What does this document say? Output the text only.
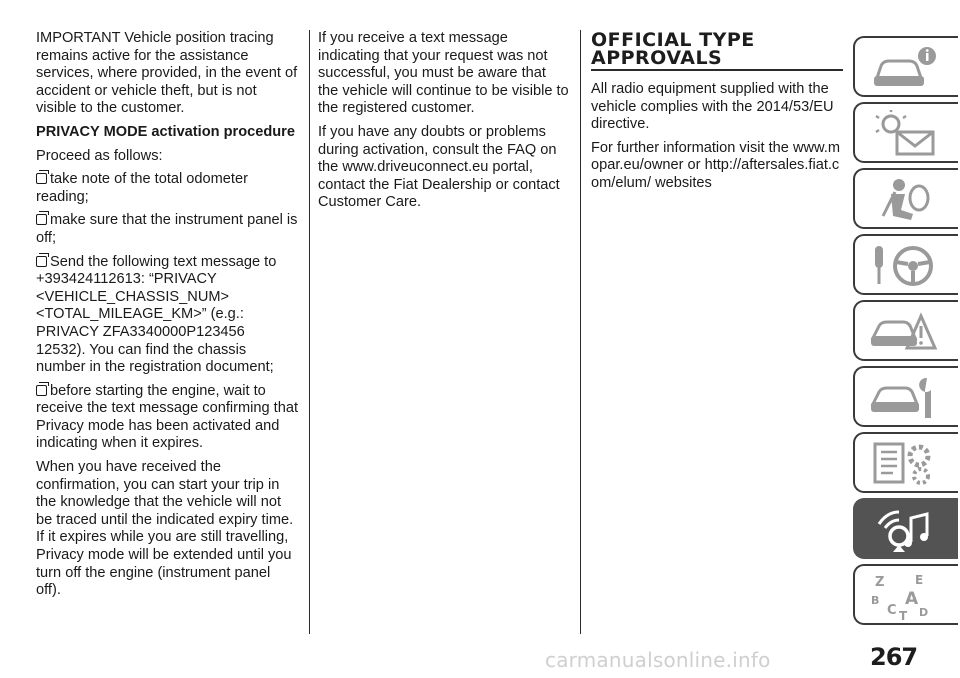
IMPORTANT Vehicle position tracing remains active for the assistance services, where provided, in the event of accident or vehicle theft, but is not visible to the customer.

PRIVACY MODE activation procedure

Proceed as follows:

take note of the total odometer reading;

make sure that the instrument panel is off;

Send the following text message to +393424112613: “PRIVACY <VEHICLE_CHASSIS_NUM> <TOTAL_MILEAGE_KM>” (e.g.: PRIVACY ZFA3340000P123456 12532). You can find the chassis number in the registration document;

before starting the engine, wait to receive the text message confirming that Privacy mode has been activated and indicating when it expires.

When you have received the confirmation, you can start your trip in the knowledge that the vehicle will not be traced until the indicated expiry time. If it expires while you are still travelling, Privacy mode will be extended until you turn off the engine (instrument panel off).

If you receive a text message indicating that your request was not successful, you must be aware that the vehicle will continue to be visible to the registered customer.

If you have any doubts or problems during activation, consult the FAQ on the www.driveuconnect.eu portal, contact the Fiat Dealership or contact Customer Care.

OFFICIAL TYPE
APPROVALS

All radio equipment supplied with the vehicle complies with the 2014/53/EU directive.

For further information visit the www.mopar.eu/owner or http://aftersales.fiat.com/elum/ websites

Z	E
B A
C D
T
carmanualsonline.info	267
